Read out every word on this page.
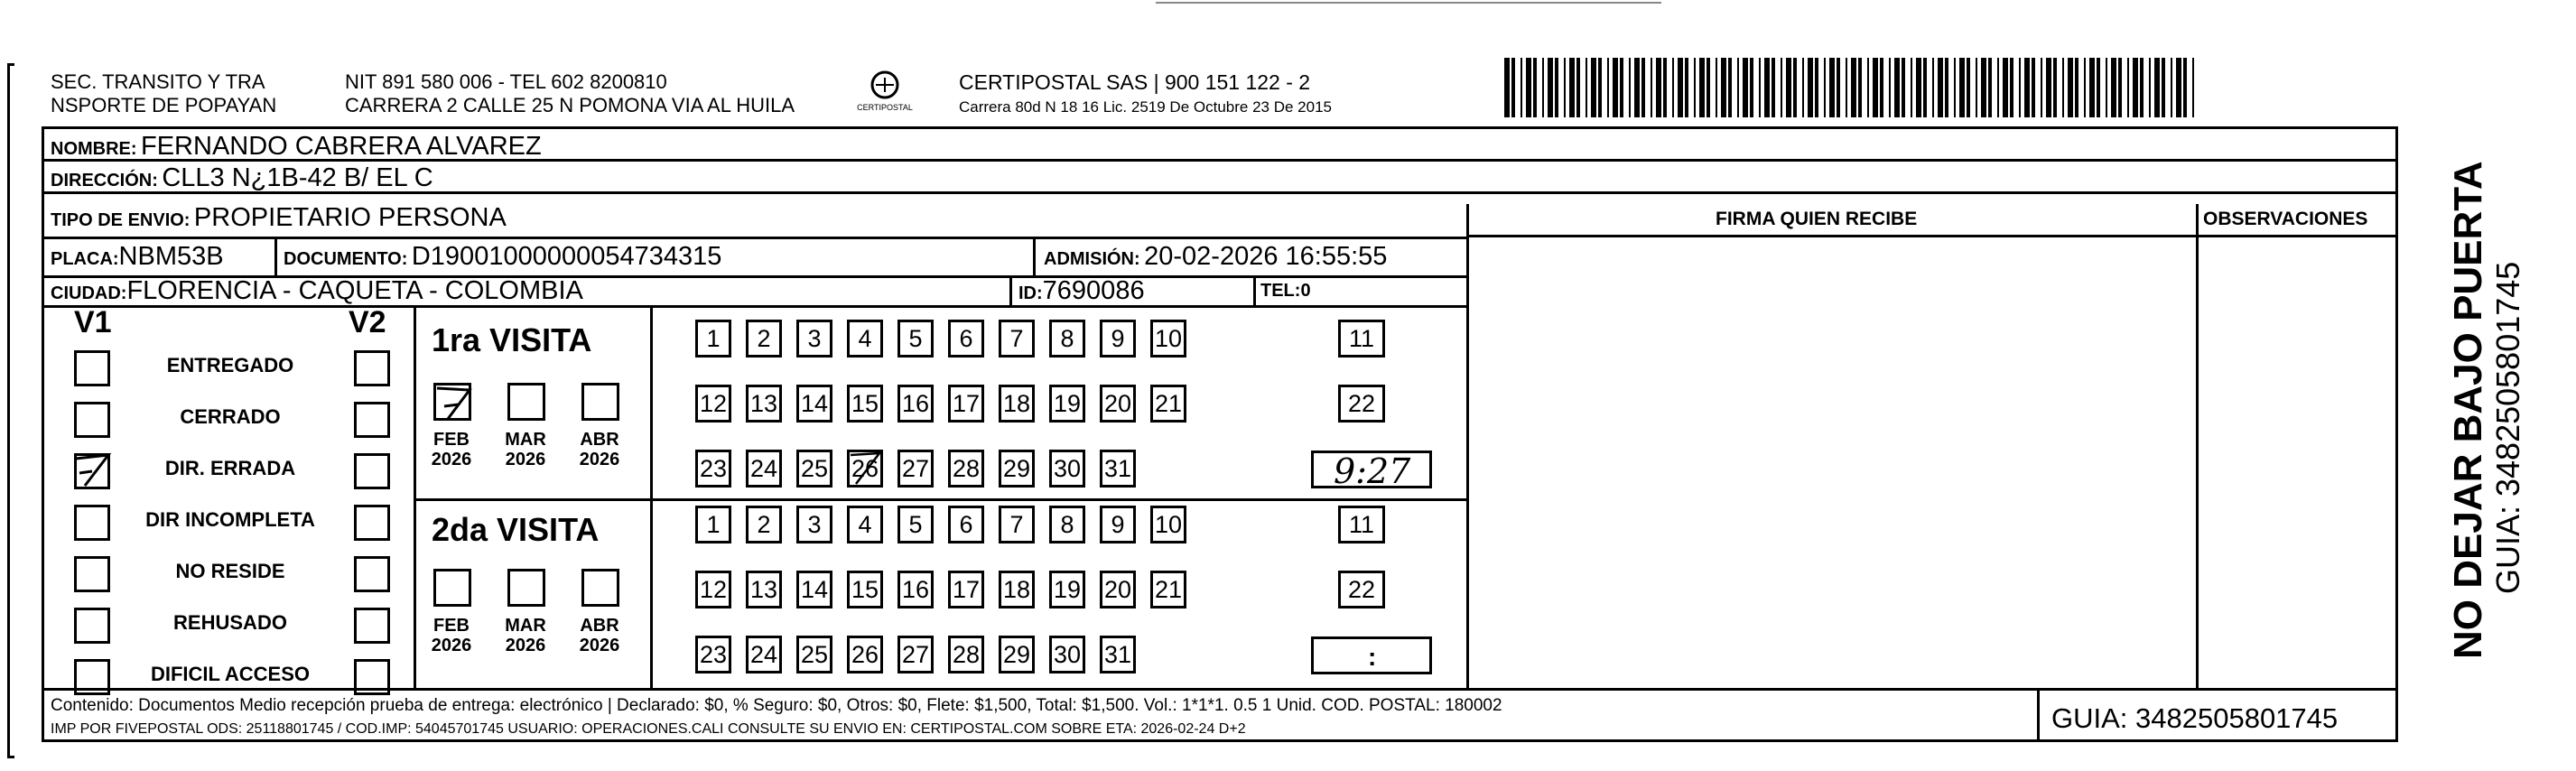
SEC. TRANSITO Y TRA
NSPORTE DE POPAYAN
NIT 891 580 006 - TEL 602 8200810
CARRERA 2 CALLE 25 N POMONA VIA AL HUILA	CERTIPOSTAL
CERTIPOSTAL SAS | 900 151 122 - 2
Carrera 80d N 18 16 Lic. 2519 De Octubre 23 De 2015
NOMBRE: FERNANDO CABRERA ALVAREZ
DIRECCIÓN: CLL3 N¿1B-42 B/ EL C
TIPO DE ENVIO: PROPIETARIO PERSONA	FIRMA QUIEN RECIBE	OBSERVACIONES
PLACA:NBM53B	DOCUMENTO: D19001000000054734315	ADMISIÓN: 20-02-2026 16:55:55
CIUDAD:FLORENCIA - CAQUETA - COLOMBIA	ID:7690086	TEL:0
V1	V2
ENTREGADO
CERRADO
DIR. ERRADA
DIR INCOMPLETA
NO RESIDE
REHUSADO
DIFICIL ACCESO
1ra VISITA
2da VISITA
FEB
2026
MAR
2026
ABR
2026
FEB
2026
MAR
2026
ABR
2026
1	2	3	4	5	6	7	8	9	10	11
12 13 14 15 16 17 18 19 20 21	22
23 24 25 26 27 28 29 30 31
1	2	3	4	5	6	7	8	9	10	11
12 13 14 15 16 17 18 19 20 21	22
23 24 25 26 27 28 29 30 31
9:27
:
Contenido: Documentos Medio recepción prueba de entrega: electrónico | Declarado: $0, % Seguro: $0, Otros: $0, Flete: $1,500, Total: $1,500. Vol.: 1*1*1. 0.5 1 Unid. COD. POSTAL: 180002
IMP POR FIVEPOSTAL ODS: 25118801745 / COD.IMP: 54045701745 USUARIO: OPERACIONES.CALI CONSULTE SU ENVIO EN: CERTIPOSTAL.COM SOBRE ETA: 2026-02-24 D+2	GUIA: 3482505801745
NO DEJAR BAJO PUERTA GUIA: 3482505801745
